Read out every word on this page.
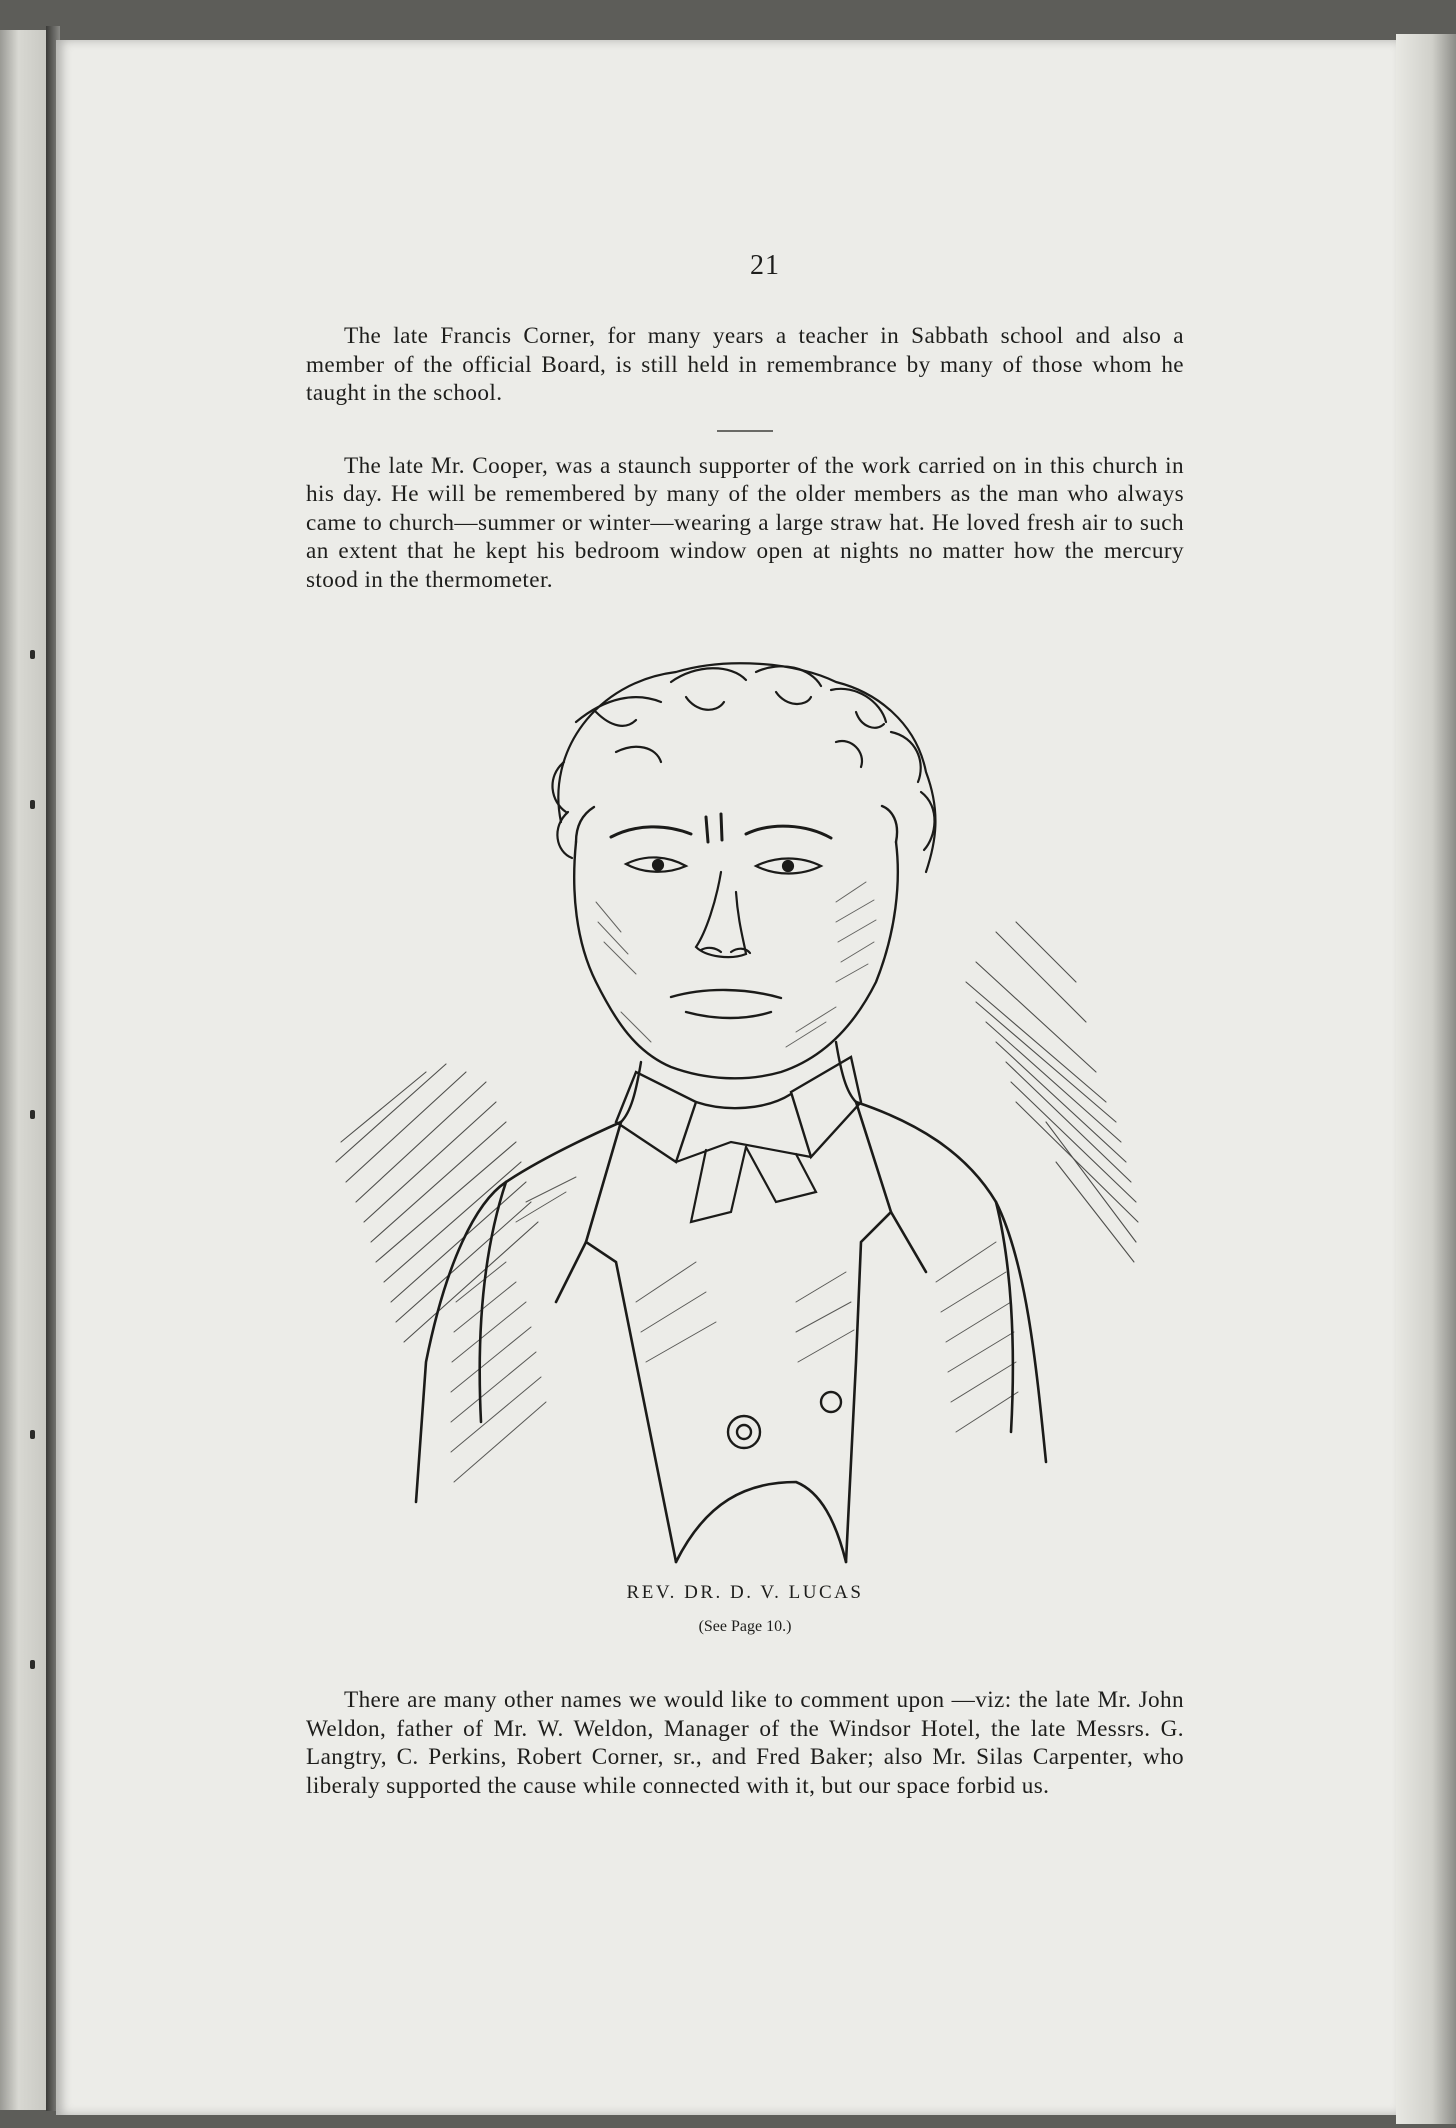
21

The late Francis Corner, for many years a teacher in Sabbath school and also a member of the official Board, is still held in remembrance by many of those whom he taught in the school.

The late Mr. Cooper, was a staunch supporter of the work carried on in this church in his day. He will be remembered by many of the older members as the man who always came to church—summer or winter—wearing a large straw hat. He loved fresh air to such an extent that he kept his bedroom window open at nights no matter how the mercury stood in the thermometer.

REV. DR. D. V. LUCAS
(See Page 10.)

There are many other names we would like to comment upon —viz: the late Mr. John Weldon, father of Mr. W. Weldon, Manager of the Windsor Hotel, the late Messrs. G. Langtry, C. Perkins, Robert Corner, sr., and Fred Baker; also Mr. Silas Carpenter, who liberaly supported the cause while connected with it, but our space forbid us.
